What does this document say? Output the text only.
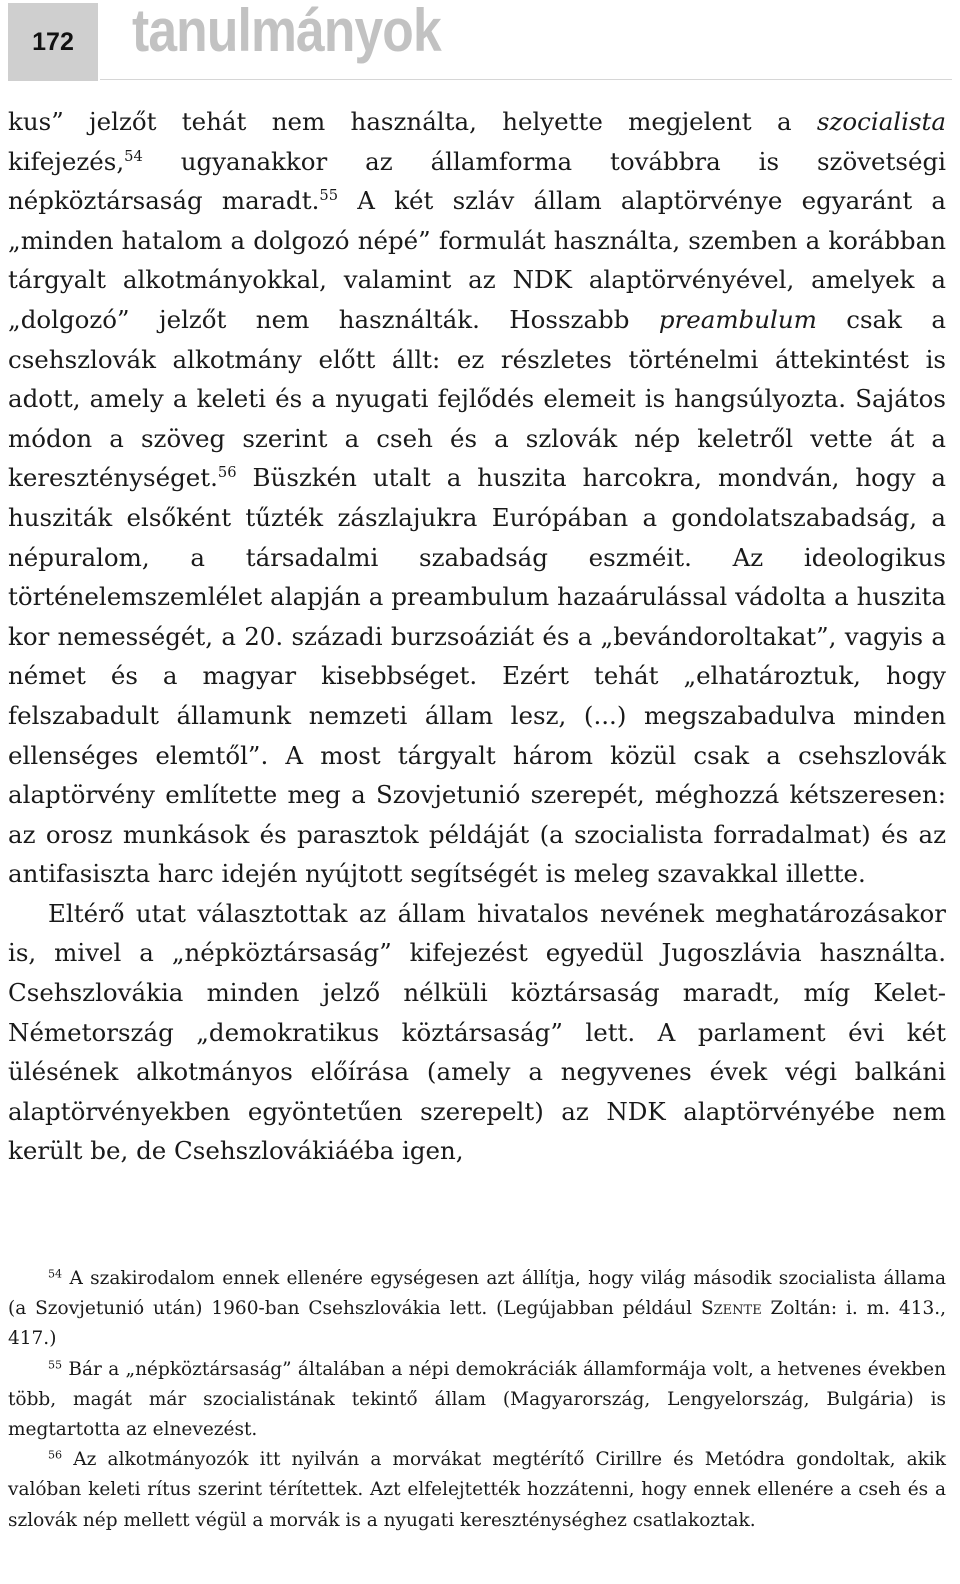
172 tanulmányok

kus” jelzőt tehát nem használta, helyette megjelent a szocialista kifejezés,$^{54}$ ugyanakkor az államforma továbbra is szövetségi népköztársaság maradt.$^{55}$ A két szláv állam alaptörvénye egyaránt a „minden hatalom a dolgozó népé” formulát használta, szemben a korábban tárgyalt alkotmányokkal, valamint az NDK alaptörvényével, amelyek a „dolgozó” jelzőt nem használták. Hosszabb preambulum csak a csehszlovák alkotmány előtt állt: ez részletes történelmi áttekintést is adott, amely a keleti és a nyugati fejlődés elemeit is hangsúlyozta. Sajátos módon a szöveg szerint a cseh és a szlovák nép keletről vette át a kereszténységet.$^{56}$ Büszkén utalt a huszita harcokra, mondván, hogy a husziták elsőként tűzték zászlajukra Európában a gondolatszabadság, a népuralom, a társadalmi szabadság eszméit. Az ideologikus történelemszemlélet alapján a preambulum hazaárulással vádolta a huszita kor nemességét, a 20. századi burzsoáziát és a „bevándoroltakat”, vagyis a német és a magyar kisebbséget. Ezért tehát „elhatároztuk, hogy felszabadult államunk nemzeti állam lesz, (...) megszabadulva minden ellenséges elemtől”. A most tárgyalt három közül csak a csehszlovák alaptörvény említette meg a Szovjetunió szerepét, méghozzá kétszeresen: az orosz munkások és parasztok példáját (a szocialista forradalmat) és az antifasiszta harc idején nyújtott segítségét is meleg szavakkal illette.

Eltérő utat választottak az állam hivatalos nevének meghatározásakor is, mivel a „népköztársaság” kifejezést egyedül Jugoszlávia használta. Csehszlovákia minden jelző nélküli köztársaság maradt, míg Kelet-Németország „demokratikus köztársaság” lett. A parlament évi két ülésének alkotmányos előírása (amely a negyvenes évek végi balkáni alaptörvényekben egyöntetűen szerepelt) az NDK alaptörvényébe nem került be, de Csehszlovákiáéba igen,

$^{54}$ A szakirodalom ennek ellenére egységesen azt állítja, hogy világ második szocialista állama (a Szovjetunió után) 1960-ban Csehszlovákia lett. (Legújabban például Szente Zoltán: i. m. 413., 417.)

$^{55}$ Bár a „népköztársaság” általában a népi demokráciák államformája volt, a hetvenes években több, magát már szocialistának tekintő állam (Magyarország, Lengyelország, Bulgária) is megtartotta az elnevezést.

$^{56}$ Az alkotmányozók itt nyilván a morvákat megtérítő Cirillre és Metódra gondoltak, akik valóban keleti rítus szerint térítettek. Azt elfelejtették hozzátenni, hogy ennek ellenére a cseh és a szlovák nép mellett végül a morvák is a nyugati kereszténységhez csatlakoztak.
